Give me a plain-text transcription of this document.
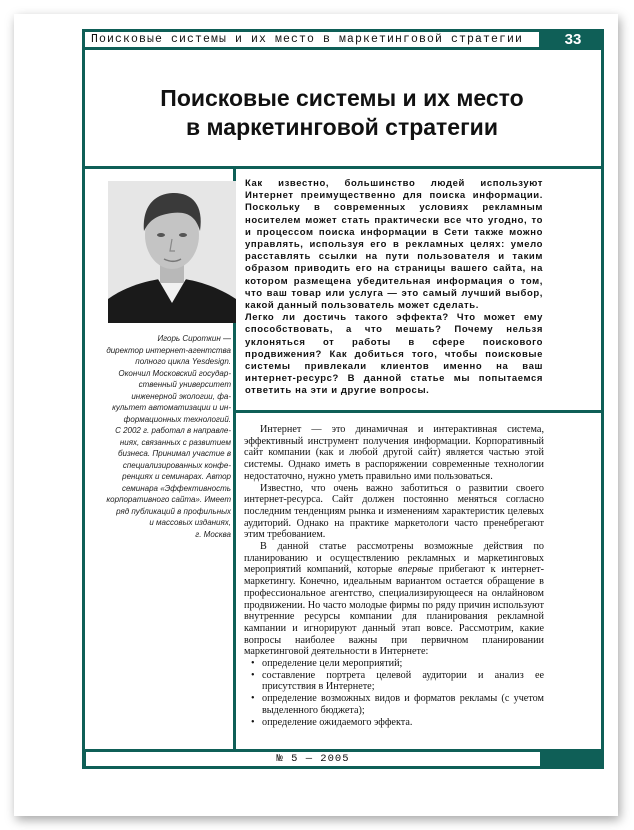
Поисковые системы и их место в маркетинговой стратегии	33
Поисковые системы и их место
в маркетинговой стратегии
Игорь Сироткин —
директор интернет-агентства
полного цикла Yesdesign.
Окончил Московский государ-
ственный университет
инженерной экологии, фа-
культет автоматизации и ин-
формационных технологий.
С 2002 г. работал в направле-
ниях, связанных с развитием
бизнеса. Принимал участие в
специализированных конфе-
ренциях и семинарах. Автор
семинара «Эффективность
корпоративного сайта». Имеет
ряд публикаций в профильных
и массовых изданиях,
г. Москва

Как известно, большинство людей используют Интернет преимущественно для поиска информации. Поскольку в современных условиях рекламным носителем может стать практически все что угодно, то и процессом поиска информации в Сети также можно управлять, используя его в рекламных целях: умело расставлять ссылки на пути пользователя и таким образом приводить его на страницы вашего сайта, на котором размещена убедительная информация о том, что ваш товар или услуга — это самый лучший выбор, какой данный пользователь может сделать.

Легко ли достичь такого эффекта? Что может ему способствовать, а что мешать? Почему нельзя уклоняться от работы в сфере поискового продвижения? Как добиться того, чтобы поисковые системы привлекали клиентов именно на ваш интернет-ресурс? В данной статье мы попытаемся ответить на эти и другие вопросы.

Интернет — это динамичная и интерактивная система, эффективный инструмент получения информации. Корпоративный сайт компании (как и любой другой сайт) является частью этой системы. Однако иметь в распоряжении современные технологии недостаточно, нужно уметь правильно ими пользоваться.

Известно, что очень важно заботиться о развитии своего интернет-ресурса. Сайт должен постоянно меняться согласно последним тенденциям рынка и изменениям характеристик целевых аудиторий. Однако на практике маркетологи часто пренебрегают этим требованием.

В данной статье рассмотрены возможные действия по планированию и осуществлению рекламных и маркетинговых мероприятий компаний, которые впервые прибегают к интернет-маркетингу. Конечно, идеальным вариантом остается обращение в профессиональное агентство, специализирующееся на онлайновом продвижении. Но часто молодые фирмы по ряду причин используют внутренние ресурсы компании для планирования рекламной кампании и игнорируют данный этап вовсе. Рассмотрим, какие вопросы наиболее важны при первичном планировании маркетинговой деятельности в Интернете:

• определение цели мероприятий;
• составление портрета целевой аудитории и анализ ее присутствия в Интернете;
• определение возможных видов и форматов рекламы (с учетом выделенного бюджета);
• определение ожидаемого эффекта.
№ 5 — 2005
